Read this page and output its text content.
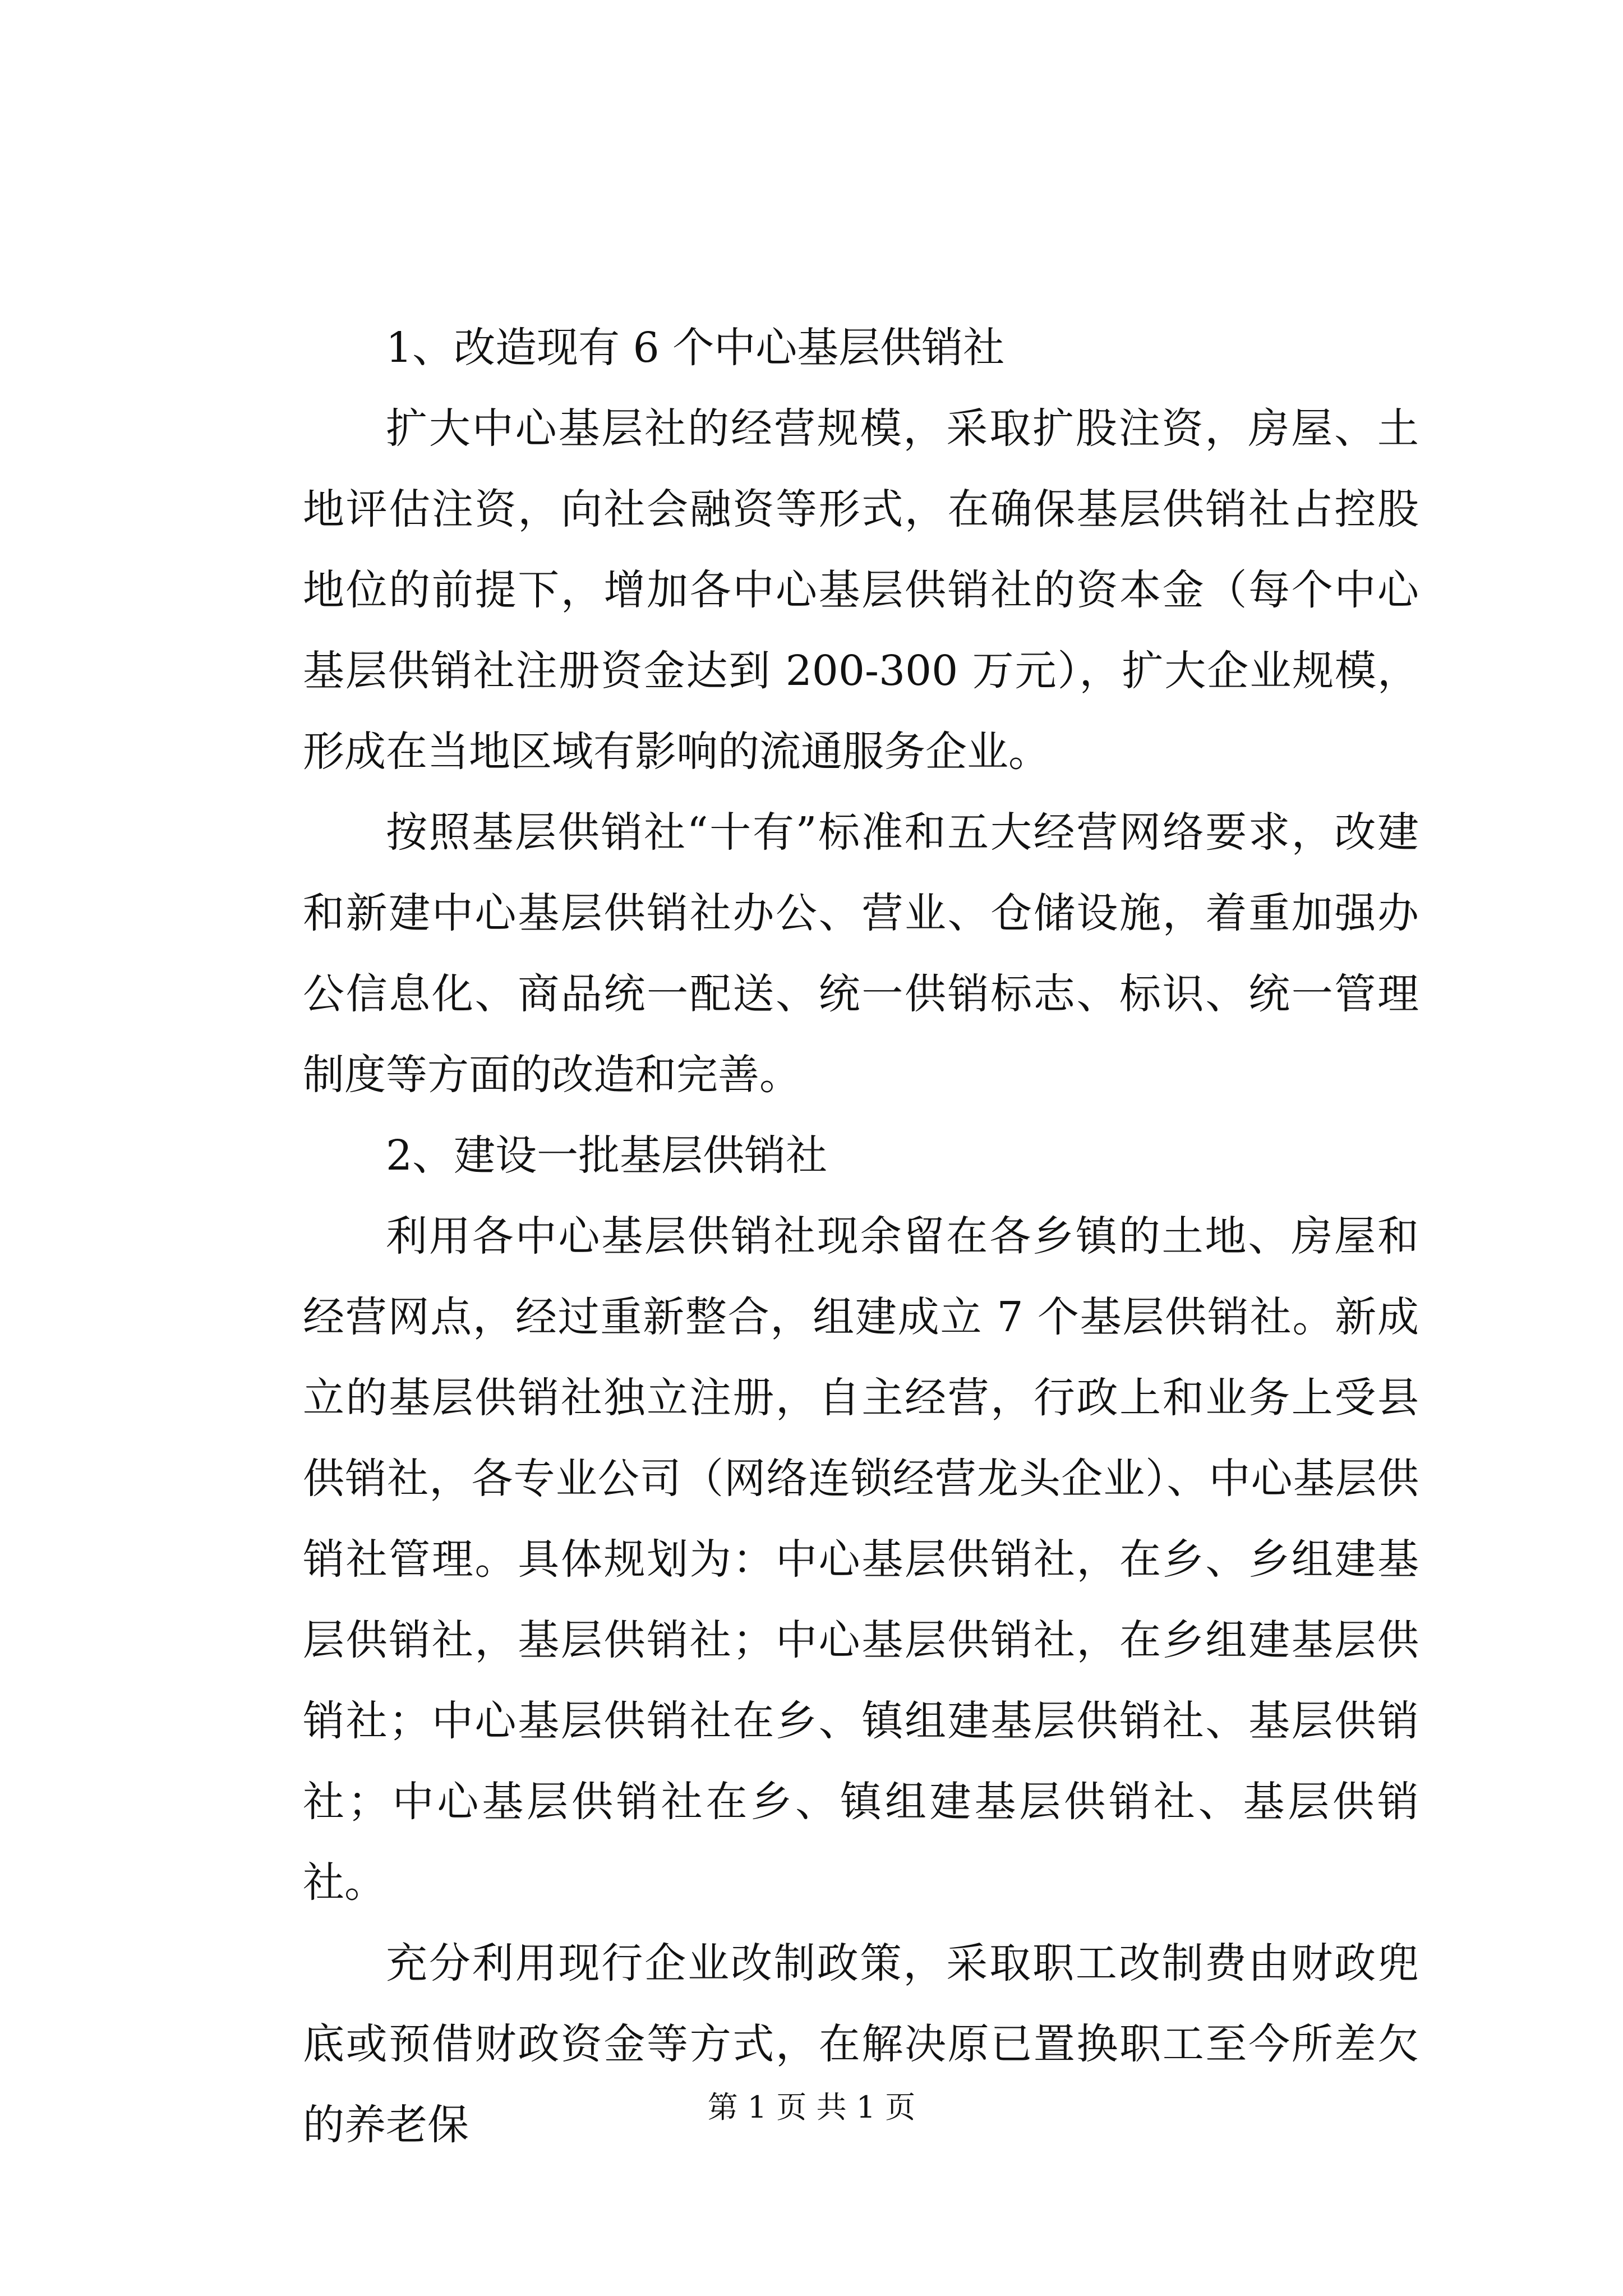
1、改造现有 6 个中心基层供销社

扩大中心基层社的经营规模，采取扩股注资，房屋、土地评估注资，向社会融资等形式，在确保基层供销社占控股地位的前提下，增加各中心基层供销社的资本金（每个中心基层供销社注册资金达到 200-300 万元），扩大企业规模，形成在当地区域有影响的流通服务企业。

按照基层供销社“十有”标准和五大经营网络要求，改建和新建中心基层供销社办公、营业、仓储设施，着重加强办公信息化、商品统一配送、统一供销标志、标识、统一管理制度等方面的改造和完善。

2、建设一批基层供销社

利用各中心基层供销社现余留在各乡镇的土地、房屋和经营网点，经过重新整合，组建成立 7 个基层供销社。新成立的基层供销社独立注册，自主经营，行政上和业务上受县供销社，各专业公司（网络连锁经营龙头企业）、中心基层供销社管理。具体规划为：中心基层供销社，在乡、乡组建基层供销社，基层供销社；中心基层供销社，在乡组建基层供销社；中心基层供销社在乡、镇组建基层供销社、基层供销社；中心基层供销社在乡、镇组建基层供销社、基层供销社。

充分利用现行企业改制政策，采取职工改制费由财政兜底或预借财政资金等方式，在解决原已置换职工至今所差欠的养老保	第 1 页 共 1 页
